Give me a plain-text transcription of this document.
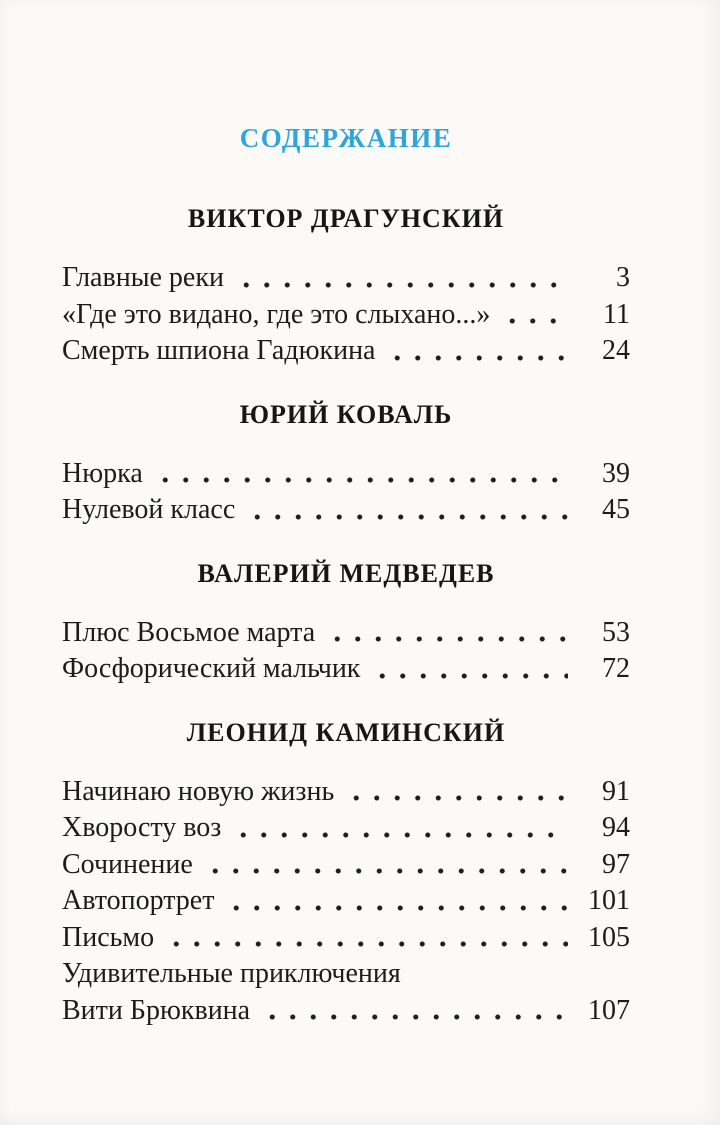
СОДЕРЖАНИЕ
ВИКТОР ДРАГУНСКИЙ
Главные реки	3
«Где это видано, где это слыхано...»	11
Смерть шпиона Гадюкина	24
ЮРИЙ КОВАЛЬ
Нюрка	39
Нулевой класс	45
ВАЛЕРИЙ МЕДВЕДЕВ
Плюс Восьмое марта	53
Фосфорический мальчик	72
ЛЕОНИД КАМИНСКИЙ
Начинаю новую жизнь	91
Хворосту воз	94
Сочинение	97
Автопортрет	101
Письмо	105
Удивительные приключения
Вити Брюквина	107
